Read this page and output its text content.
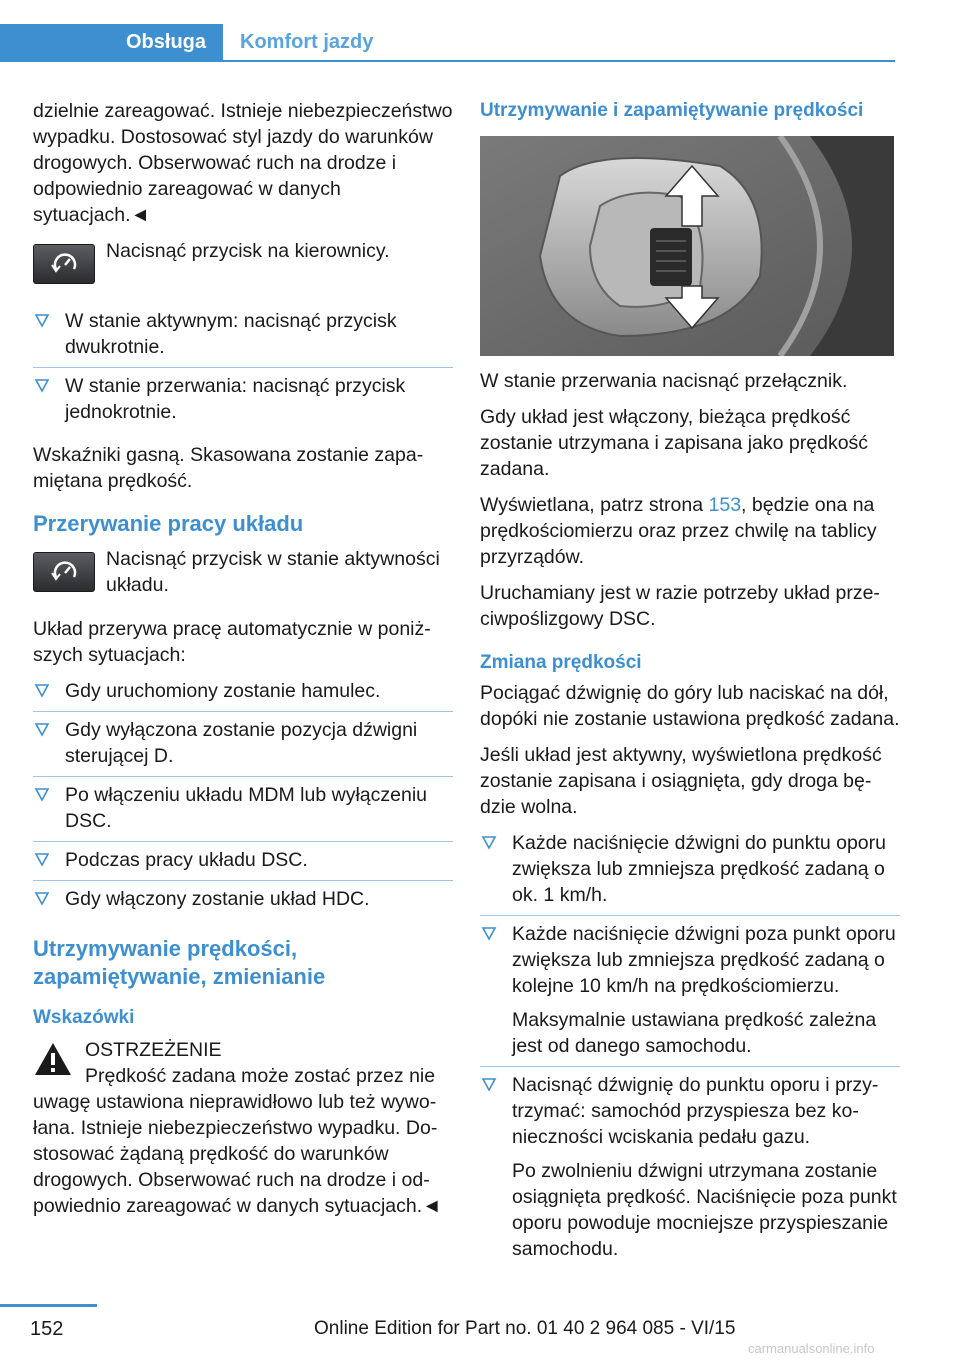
Obsługa	Komfort jazdy

dzielnie zareagować. Istnieje niebezpieczeństwo wypadku. Dostosować styl jazdy do warunków drogowych. Obserwować ruch na drodze i odpowiednio zareagować w danych sytuacjach.◄

Nacisnąć przycisk na kierownicy.
W stanie aktywnym: nacisnąć przycisk dwukrotnie.
W stanie przerwania: nacisnąć przycisk jednokrotnie.

Wskaźniki gasną. Skasowana zostanie zapamiętana prędkość.

Przerywanie pracy układu
Nacisnąć przycisk w stanie aktywności układu.

Układ przerywa pracę automatycznie w poniższych sytuacjach:

Gdy uruchomiony zostanie hamulec.
Gdy wyłączona zostanie pozycja dźwigni sterującej D.
Po włączeniu układu MDM lub wyłączeniu DSC.
Podczas pracy układu DSC.
Gdy włączony zostanie układ HDC.
Utrzymywanie prędkości, zapamiętywanie, zmienianie
Wskazówki
OSTRZEŻENIE
Prędkość zadana może zostać przez nie
uwagę ustawiona nieprawidłowo lub też wywołana. Istnieje niebezpieczeństwo wypadku. Dostosować żądaną prędkość do warunków drogowych. Obserwować ruch na drodze i odpowiednio zareagować w danych sytuacjach.◄
Utrzymywanie i zapamiętywanie prędkości

W stanie przerwania nacisnąć przełącznik.

Gdy układ jest włączony, bieżąca prędkość zostanie utrzymana i zapisana jako prędkość zadana.

Wyświetlana, patrz strona 153, będzie ona na prędkościomierzu oraz przez chwilę na tablicy przyrządów.

Uruchamiany jest w razie potrzeby układ przeciwpoślizgowy DSC.

Zmiana prędkości

Pociągać dźwignię do góry lub naciskać na dół, dopóki nie zostanie ustawiona prędkość zadana.

Jeśli układ jest aktywny, wyświetlona prędkość zostanie zapisana i osiągnięta, gdy droga będzie wolna.

Każde naciśnięcie dźwigni do punktu oporu zwiększa lub zmniejsza prędkość zadaną o ok. 1 km/h.
Każde naciśnięcie dźwigni poza punkt oporu zwiększa lub zmniejsza prędkość zadaną o kolejne 10 km/h na prędkościomierzu.
Maksymalnie ustawiana prędkość zależna jest od danego samochodu.
Nacisnąć dźwignię do punktu oporu i przytrzymać: samochód przyspiesza bez konieczności wciskania pedału gazu.
Po zwolnieniu dźwigni utrzymana zostanie osiągnięta prędkość. Naciśnięcie poza punkt oporu powoduje mocniejsze przyspieszanie samochodu.
152	Online Edition for Part no. 01 40 2 964 085 - VI/15
carmanualsonline.info
